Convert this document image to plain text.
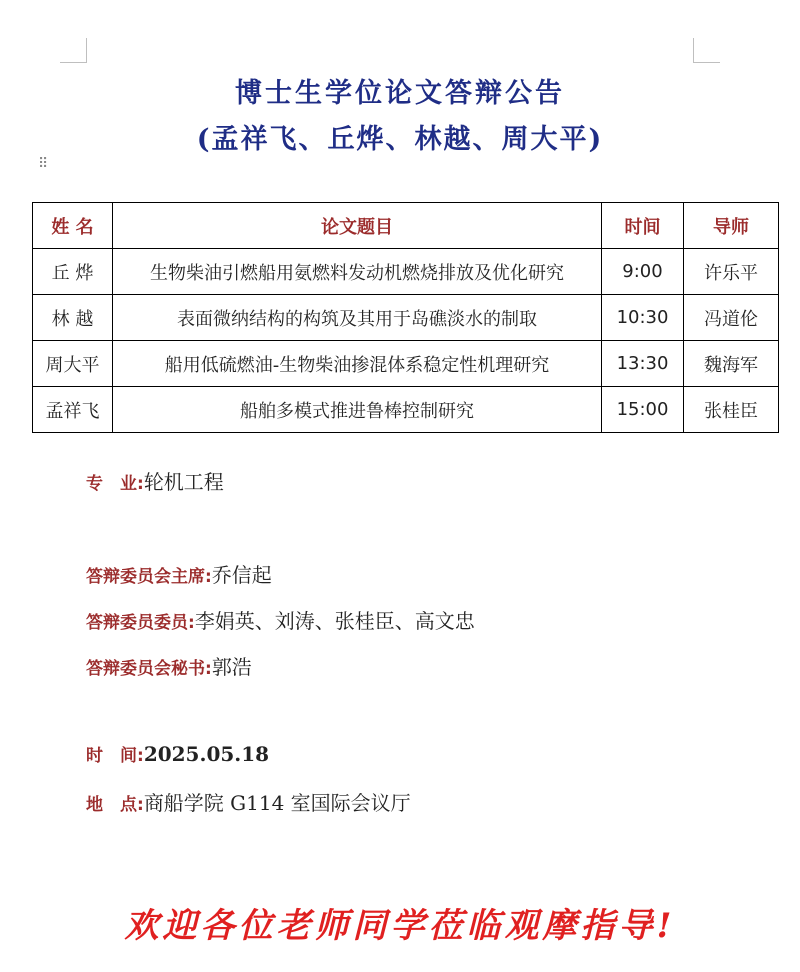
博士生学位论文答辩公告
(孟祥飞、丘烨、林越、周大平)
⠿
姓 名	论文题目	时间	导师
丘 烨	生物柴油引燃船用氨燃料发动机燃烧排放及优化研究	9:00	许乐平
林 越	表面微纳结构的构筑及其用于岛礁淡水的制取	10:30	冯道伦
周大平	船用低硫燃油-生物柴油掺混体系稳定性机理研究	13:30	魏海军
孟祥飞	船舶多模式推进鲁棒控制研究	15:00	张桂臣
专　业:轮机工程
答辩委员会主席:乔信起
答辩委员委员:李娟英、刘涛、张桂臣、高文忠
答辩委员会秘书:郭浩
时　间:2025.05.18
地　点:商船学院 G114 室国际会议厅
欢迎各位老师同学莅临观摩指导!
